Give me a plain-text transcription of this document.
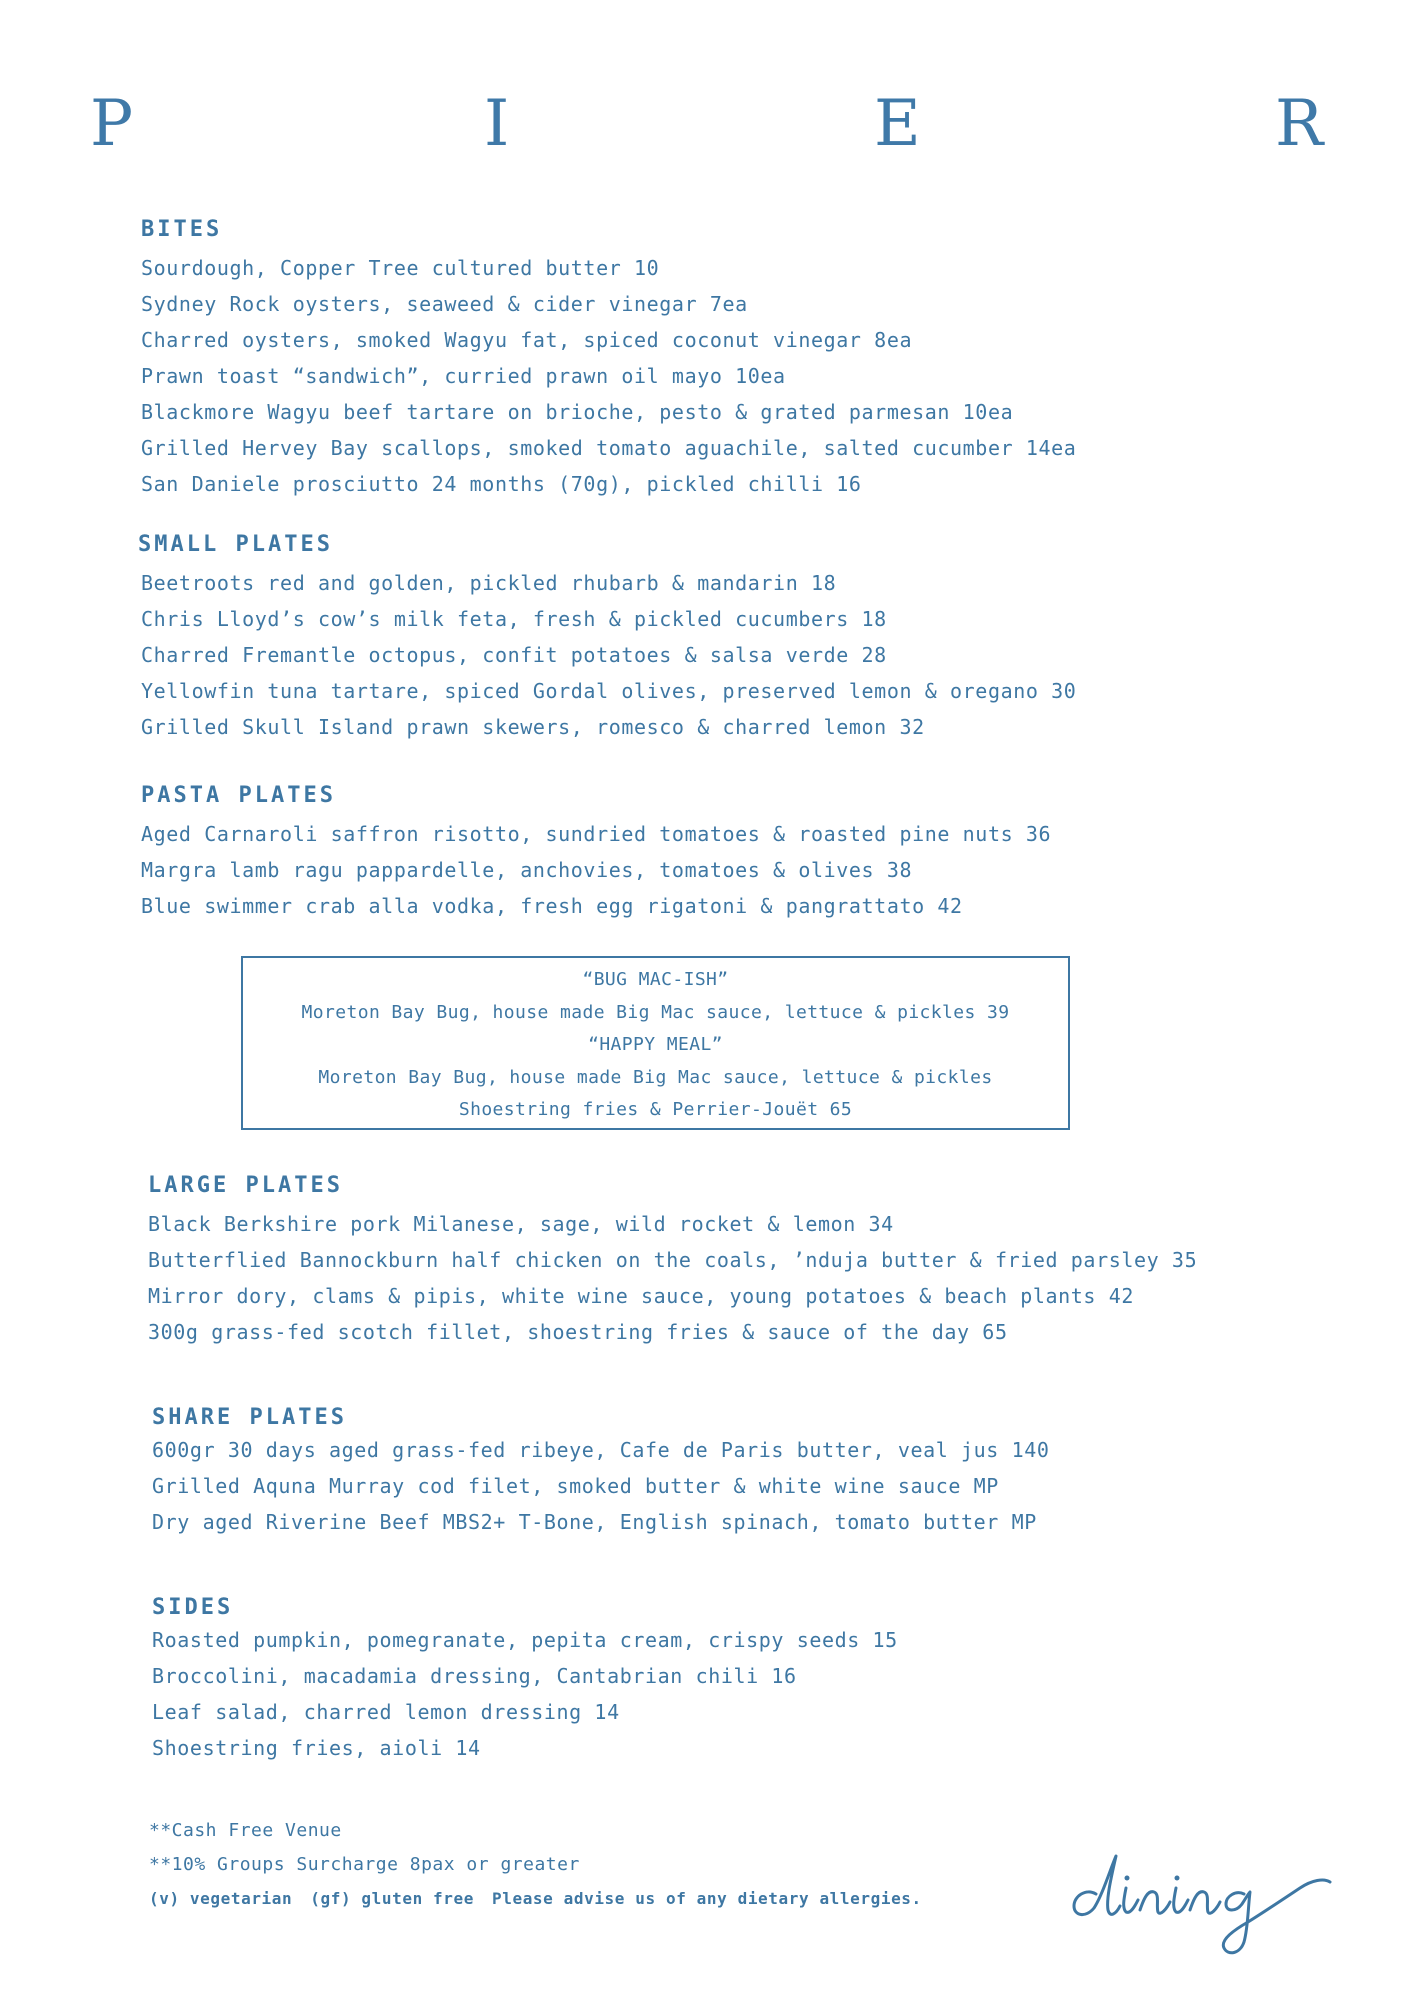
P	I	E	R
BITES
Sourdough, Copper Tree cultured butter 10
Sydney Rock oysters, seaweed & cider vinegar 7ea
Charred oysters, smoked Wagyu fat, spiced coconut vinegar 8ea
Prawn toast “sandwich”, curried prawn oil mayo 10ea
Blackmore Wagyu beef tartare on brioche, pesto & grated parmesan 10ea
Grilled Hervey Bay scallops, smoked tomato aguachile, salted cucumber 14ea
San Daniele prosciutto 24 months (70g), pickled chilli 16
SMALL PLATES
Beetroots red and golden, pickled rhubarb & mandarin 18
Chris Lloyd’s cow’s milk feta, fresh & pickled cucumbers 18
Charred Fremantle octopus, confit potatoes & salsa verde 28
Yellowfin tuna tartare, spiced Gordal olives, preserved lemon & oregano 30
Grilled Skull Island prawn skewers, romesco & charred lemon 32
PASTA PLATES
Aged Carnaroli saffron risotto, sundried tomatoes & roasted pine nuts 36
Margra lamb ragu pappardelle, anchovies, tomatoes & olives 38
Blue swimmer crab alla vodka, fresh egg rigatoni & pangrattato 42
“BUG MAC-ISH”
Moreton Bay Bug, house made Big Mac sauce, lettuce & pickles 39
“HAPPY MEAL”
Moreton Bay Bug, house made Big Mac sauce, lettuce & pickles
Shoestring fries & Perrier-Jouët 65
LARGE PLATES
Black Berkshire pork Milanese, sage, wild rocket & lemon 34
Butterflied Bannockburn half chicken on the coals, ’nduja butter & fried parsley 35
Mirror dory, clams & pipis, white wine sauce, young potatoes & beach plants 42
300g grass-fed scotch fillet, shoestring fries & sauce of the day 65
SHARE PLATES
600gr 30 days aged grass-fed ribeye, Cafe de Paris butter, veal jus 140
Grilled Aquna Murray cod filet, smoked butter & white wine sauce MP
Dry aged Riverine Beef MBS2+ T-Bone, English spinach, tomato butter MP
SIDES
Roasted pumpkin, pomegranate, pepita cream, crispy seeds 15
Broccolini, macadamia dressing, Cantabrian chili 16
Leaf salad, charred lemon dressing 14
Shoestring fries, aioli 14
**Cash Free Venue
**10% Groups Surcharge 8pax or greater
(v) vegetarian (gf) gluten free Please advise us of any dietary allergies.
